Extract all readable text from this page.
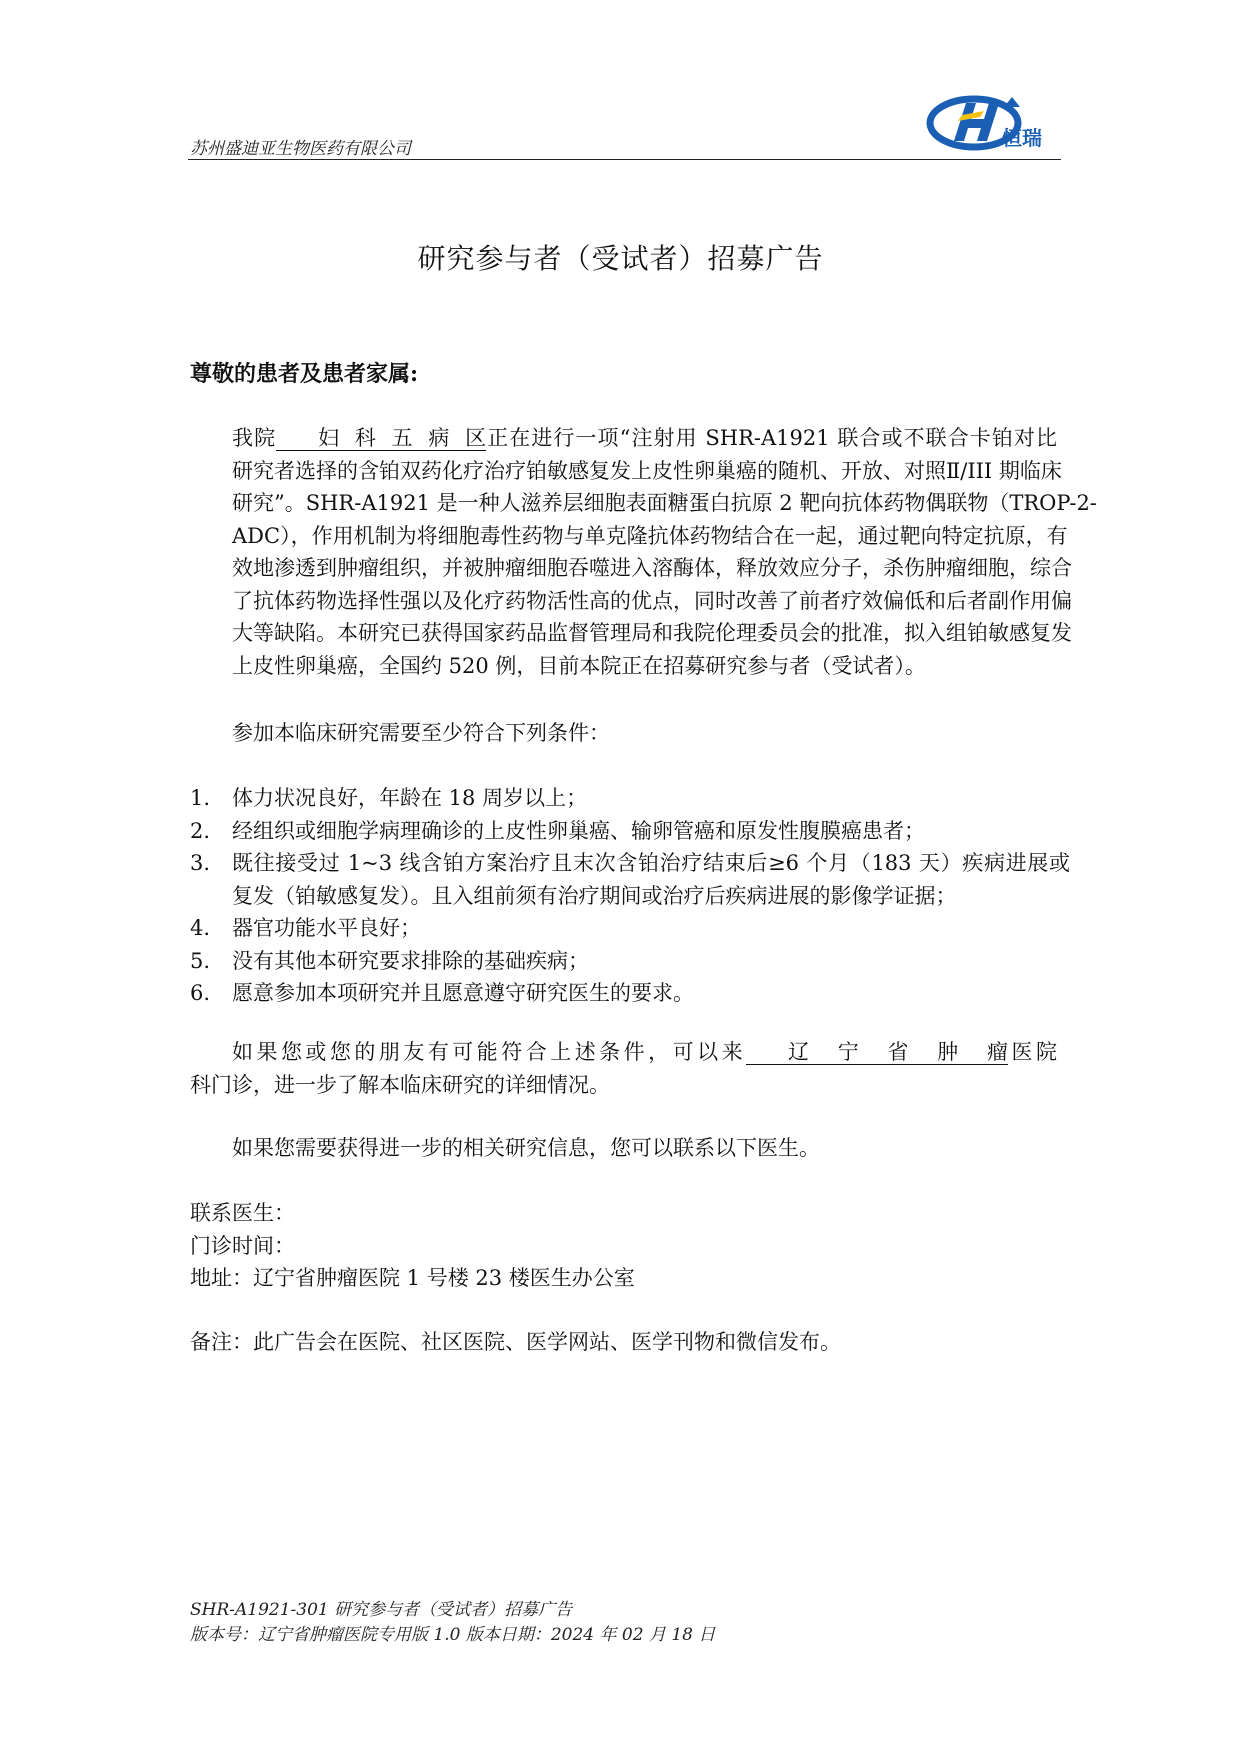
苏州盛迪亚生物医药有限公司	恒瑞
研究参与者（受试者）招募广告
尊敬的患者及患者家属:
我院 妇科五病区正在进行一项“注射用 SHR-A1921 联合或不联合卡铂对比
研究者选择的含铂双药化疗治疗铂敏感复发上皮性卵巢癌的随机、开放、对照Ⅱ/III 期临床
研究”。SHR-A1921 是一种人滋养层细胞表面糖蛋白抗原 2 靶向抗体药物偶联物（TROP-2-
ADC），作用机制为将细胞毒性药物与单克隆抗体药物结合在一起，通过靶向特定抗原，有
效地渗透到肿瘤组织，并被肿瘤细胞吞噬进入溶酶体，释放效应分子，杀伤肿瘤细胞，综合
了抗体药物选择性强以及化疗药物活性高的优点，同时改善了前者疗效偏低和后者副作用偏
大等缺陷。本研究已获得国家药品监督管理局和我院伦理委员会的批准，拟入组铂敏感复发
上皮性卵巢癌，全国约 520 例，目前本院正在招募研究参与者（受试者）。
参加本临床研究需要至少符合下列条件：
1. 体力状况良好，年龄在 18 周岁以上；
2. 经组织或细胞学病理确诊的上皮性卵巢癌、输卵管癌和原发性腹膜癌患者；
3. 既往接受过 1~3 线含铂方案治疗且末次含铂治疗结束后≥6 个月（183 天）疾病进展或
复发（铂敏感复发）。且入组前须有治疗期间或治疗后疾病进展的影像学证据；
4. 器官功能水平良好；
5. 没有其他本研究要求排除的基础疾病；
6. 愿意参加本项研究并且愿意遵守研究医生的要求。
如果您或您的朋友有可能符合上述条件，可以来 辽宁省肿瘤医院
科门诊，进一步了解本临床研究的详细情况。
如果您需要获得进一步的相关研究信息，您可以联系以下医生。
联系医生：
门诊时间：
地址：辽宁省肿瘤医院 1 号楼 23 楼医生办公室
备注：此广告会在医院、社区医院、医学网站、医学刊物和微信发布。
SHR-A1921-301 研究参与者（受试者）招募广告
版本号：辽宁省肿瘤医院专用版 1.0 版本日期：2024 年 02 月 18 日
